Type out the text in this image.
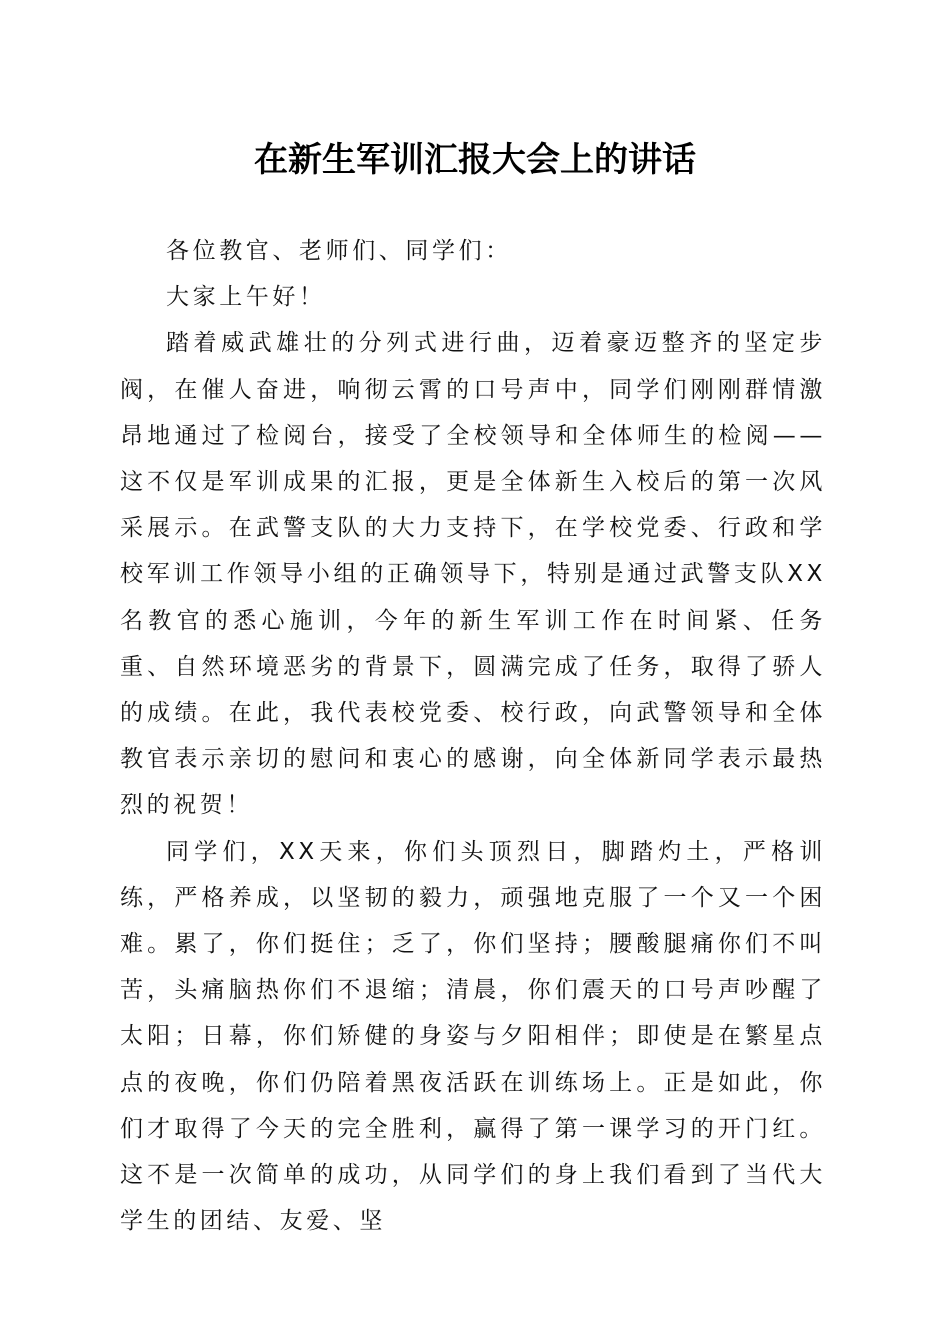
在新生军训汇报大会上的讲话

各位教官、老师们、同学们：

大家上午好！

踏着威武雄壮的分列式进行曲，迈着豪迈整齐的坚定步阀，在催人奋进，响彻云霄的口号声中，同学们刚刚群情激昂地通过了检阅台，接受了全校领导和全体师生的检阅——这不仅是军训成果的汇报，更是全体新生入校后的第一次风采展示。在武警支队的大力支持下，在学校党委、行政和学校军训工作领导小组的正确领导下，特别是通过武警支队XX名教官的悉心施训，今年的新生军训工作在时间紧、任务重、自然环境恶劣的背景下，圆满完成了任务，取得了骄人的成绩。在此，我代表校党委、校行政，向武警领导和全体教官表示亲切的慰问和衷心的感谢，向全体新同学表示最热烈的祝贺！

同学们，XX天来，你们头顶烈日，脚踏灼土，严格训练，严格养成，以坚韧的毅力，顽强地克服了一个又一个困难。累了，你们挺住；乏了，你们坚持；腰酸腿痛你们不叫苦，头痛脑热你们不退缩；清晨，你们震天的口号声吵醒了太阳；日幕，你们矫健的身姿与夕阳相伴；即使是在繁星点点的夜晚，你们仍陪着黑夜活跃在训练场上。正是如此，你们才取得了今天的完全胜利，赢得了第一课学习的开门红。这不是一次简单的成功，从同学们的身上我们看到了当代大学生的团结、友爱、坚
